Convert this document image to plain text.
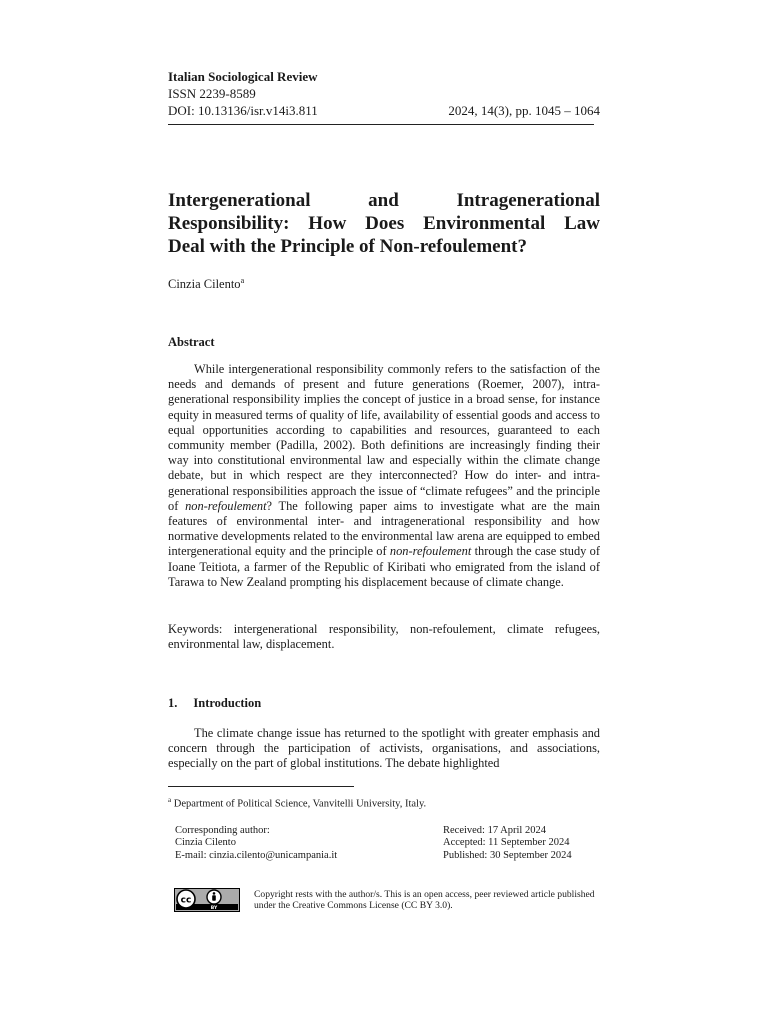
Italian Sociological Review
ISSN 2239-8589
DOI: 10.13136/isr.v14i3.811	2024, 14(3), pp. 1045 – 1064
Intergenerational	and	Intragenerational
Responsibility: How Does Environmental Law
Deal with the Principle of Non-refoulement?
Cinzia Cilento$^a$
Abstract
While intergenerational responsibility commonly refers to the satisfaction of the needs and demands of present and future generations (Roemer, 2007), intra-generational responsibility implies the concept of justice in a broad sense, for instance equity in measured terms of quality of life, availability of essential goods and access to equal opportunities according to capabilities and resources, guaranteed to each community member (Padilla, 2002). Both definitions are increasingly finding their way into constitutional environmental law and especially within the climate change debate, but in which respect are they interconnected? How do inter- and intra-generational responsibilities approach the issue of “climate refugees” and the principle of non-refoulement? The following paper aims to investigate what are the main features of environmental inter- and intragenerational responsibility and how normative developments related to the environmental law arena are equipped to embed intergenerational equity and the principle of non-refoulement through the case study of Ioane Teitiota, a farmer of the Republic of Kiribati who emigrated from the island of Tarawa to New Zealand prompting his displacement because of climate change.
Keywords: intergenerational responsibility, non-refoulement, climate refugees, environmental law, displacement.
1. Introduction
The climate change issue has returned to the spotlight with greater emphasis and concern through the participation of activists, organisations, and associations, especially on the part of global institutions. The debate highlighted
$^a$ Department of Political Science, Vanvitelli University, Italy.
Corresponding author:
Cinzia Cilento
E-mail: cinzia.cilento@unicampania.it
Received: 17 April 2024
Accepted: 11 September 2024
Published: 30 September 2024
cc
BY
Copyright rests with the author/s. This is an open access, peer reviewed article published under the Creative Commons License (CC BY 3.0).
